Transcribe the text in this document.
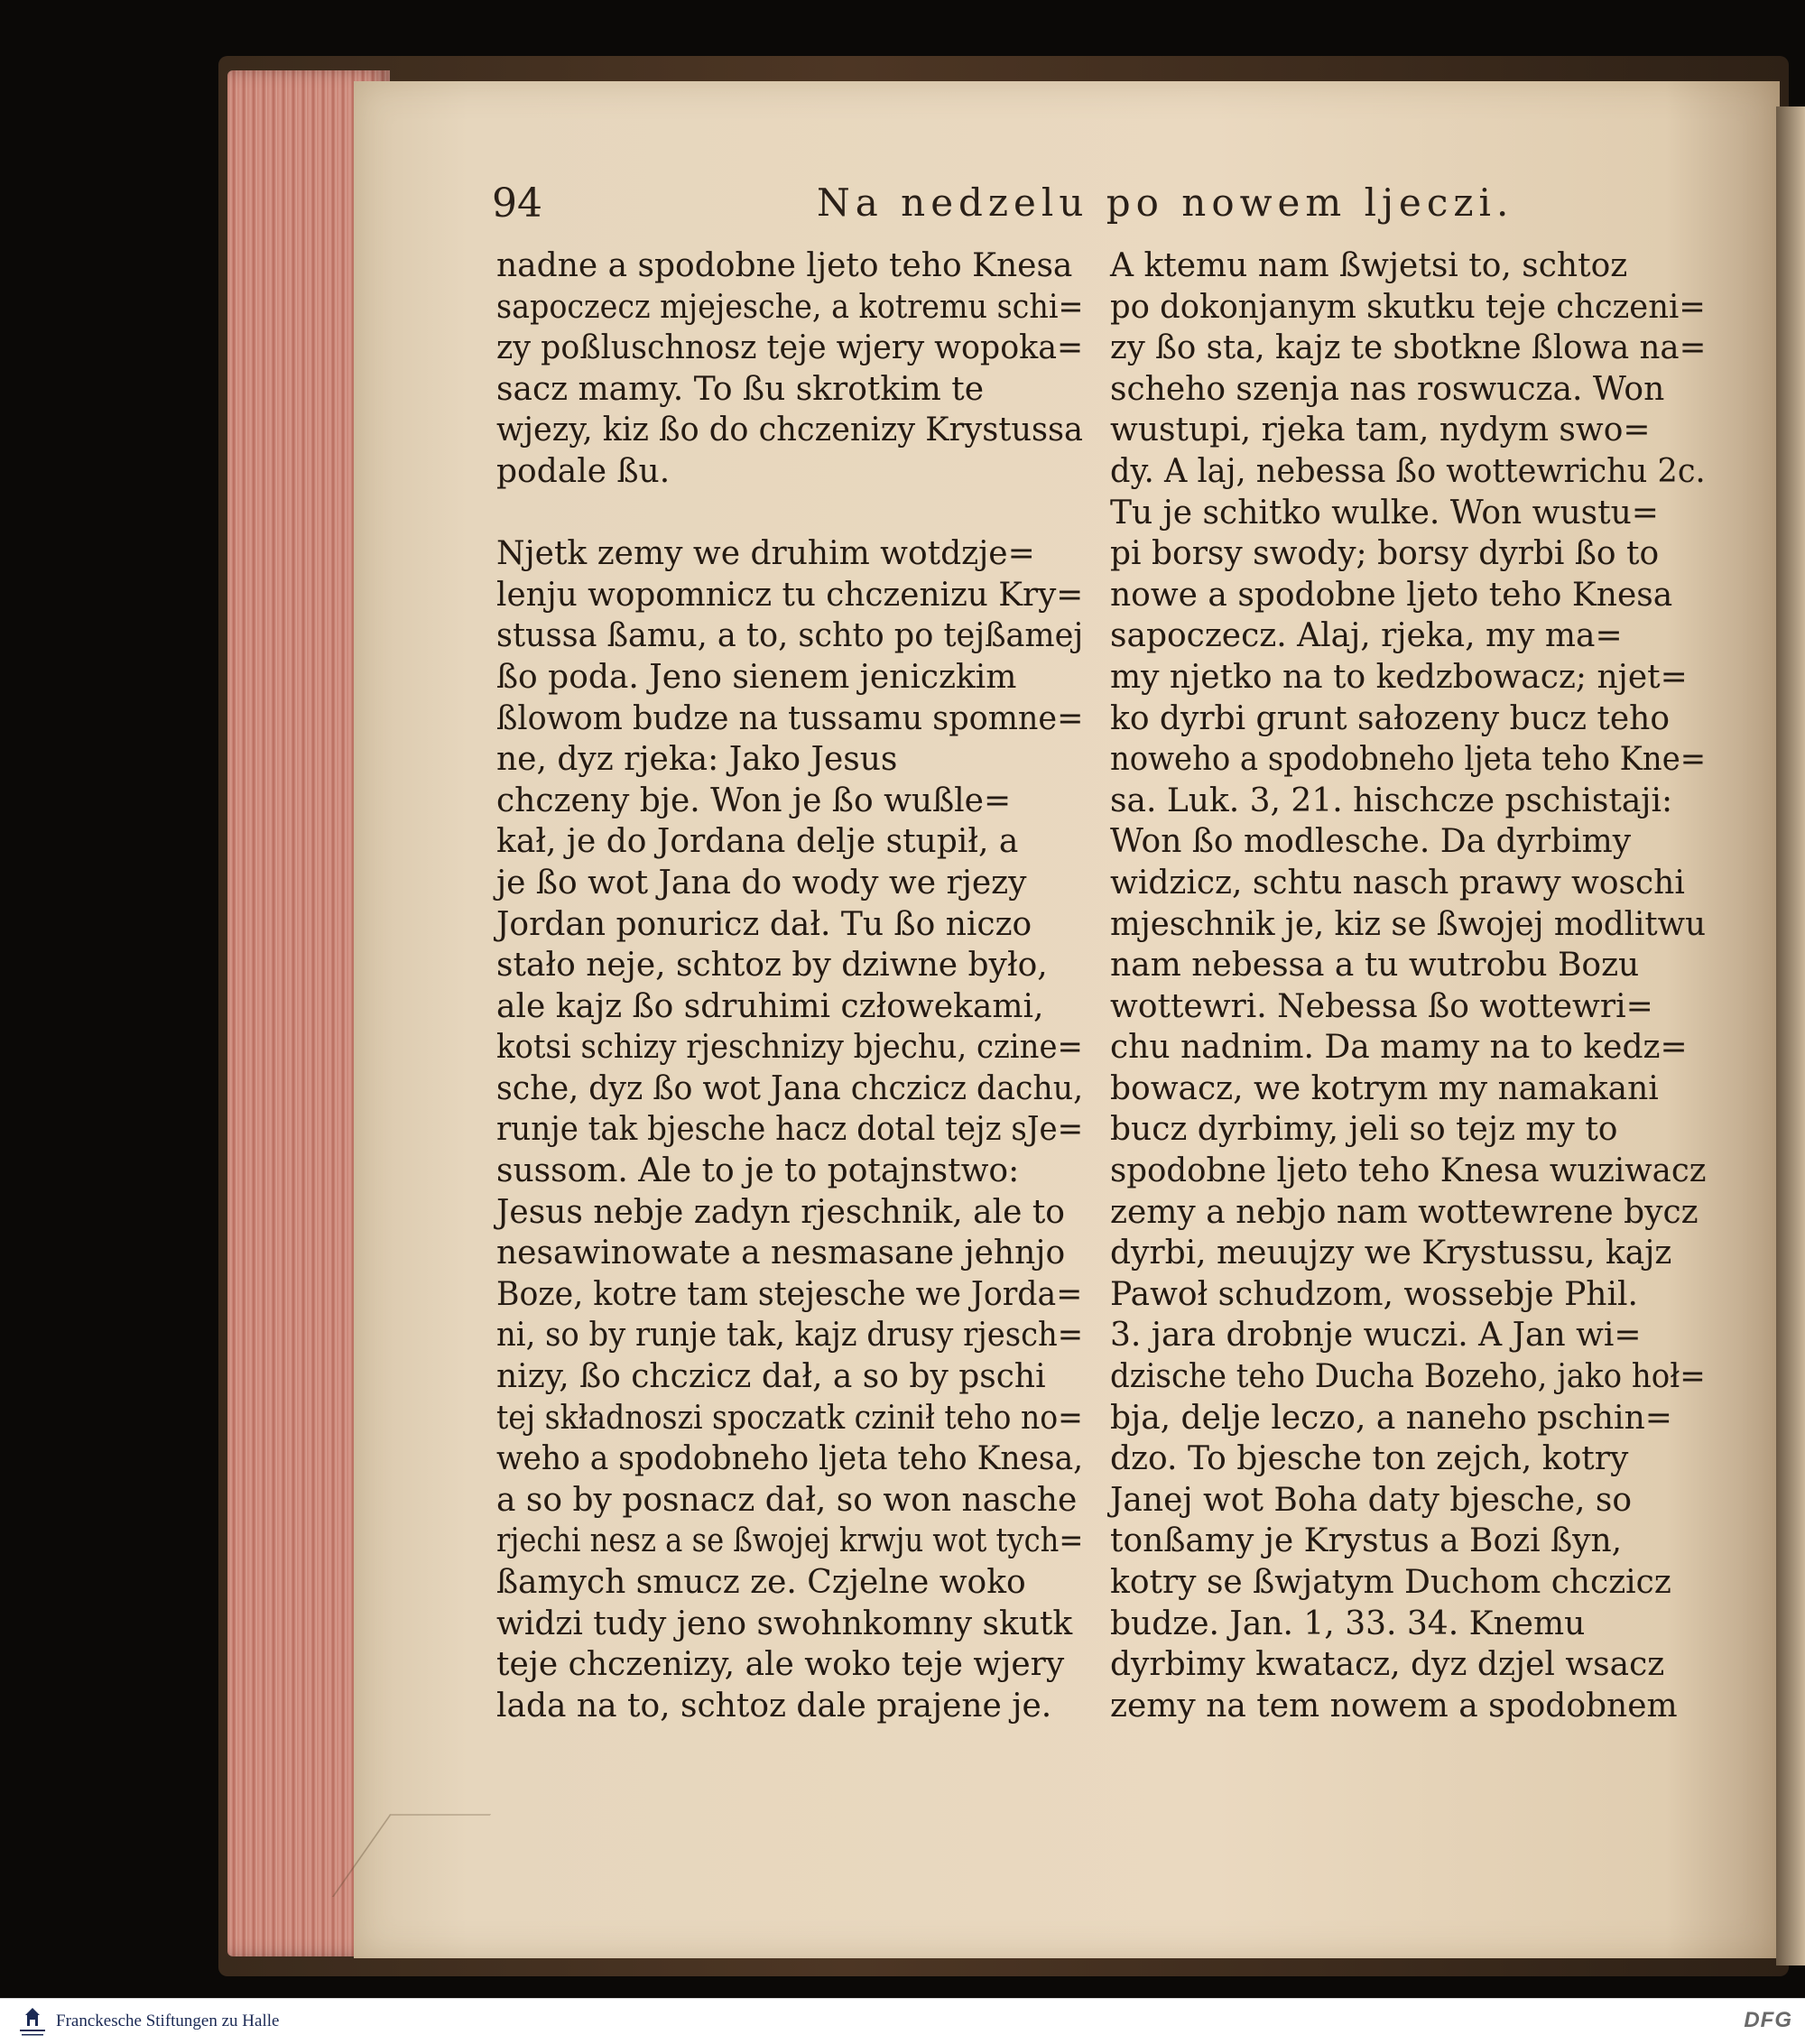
94	Na nedzelu po nowem ljeczi.
nadne a spodobne ljeto teho Knesa
sapoczecz mjejesche, a kotremu schi=
zy poßluschnosz teje wjery wopoka=
sacz mamy. To ßu skrotkim te
wjezy, kiz ßo do chczenizy Krystussa
podale ßu.
Njetk zemy we druhim wotdzje=
lenju wopomnicz tu chczenizu Kry=
stussa ßamu, a to, schto po tejßamej
ßo poda. Jeno sienem jeniczkim
ßlowom budze na tussamu spomne=
ne, dyz rjeka: Jako Jesus
chczeny bje. Won je ßo wußle=
kał, je do Jordana delje stupił, a
je ßo wot Jana do wody we rjezy
Jordan ponuricz dał. Tu ßo niczo
stało neje, schtoz by dziwne było,
ale kajz ßo sdruhimi człowekami,
kotsi schizy rjeschnizy bjechu, czine=
sche, dyz ßo wot Jana chczicz dachu,
runje tak bjesche hacz dotal tejz sJe=
sussom. Ale to je to potajnstwo:
Jesus nebje zadyn rjeschnik, ale to
nesawinowate a nesmasane jehnjo
Boze, kotre tam stejesche we Jorda=
ni, so by runje tak, kajz drusy rjesch=
nizy, ßo chczicz dał, a so by pschi
tej składnoszi spoczatk czinił teho no=
weho a spodobneho ljeta teho Knesa,
a so by posnacz dał, so won nasche
rjechi nesz a se ßwojej krwju wot tych=
ßamych smucz ze. Czjelne woko
widzi tudy jeno swohnkomny skutk
teje chczenizy, ale woko teje wjery
lada na to, schtoz dale prajene je.
A ktemu nam ßwjetsi to, schtoz
po dokonjanym skutku teje chczeni=
zy ßo sta, kajz te sbotkne ßlowa na=
scheho szenja nas roswucza. Won
wustupi, rjeka tam, nydym swo=
dy. A laj, nebessa ßo wottewrichu 2c.
Tu je schitko wulke. Won wustu=
pi borsy swody; borsy dyrbi ßo to
nowe a spodobne ljeto teho Knesa
sapoczecz. Alaj, rjeka, my ma=
my njetko na to kedzbowacz; njet=
ko dyrbi grunt sałozeny bucz teho
noweho a spodobneho ljeta teho Kne=
sa. Luk. 3, 21. hischcze pschistaji:
Won ßo modlesche. Da dyrbimy
widzicz, schtu nasch prawy woschi
mjeschnik je, kiz se ßwojej modlitwu
nam nebessa a tu wutrobu Bozu
wottewri. Nebessa ßo wottewri=
chu nadnim. Da mamy na to kedz=
bowacz, we kotrym my namakani
bucz dyrbimy, jeli so tejz my to
spodobne ljeto teho Knesa wuziwacz
zemy a nebjo nam wottewrene bycz
dyrbi, meuujzy we Krystussu, kajz
Pawoł schudzom, wossebje Phil.
3. jara drobnje wuczi. A Jan wi=
dzische teho Ducha Bozeho, jako hoł=
bja, delje leczo, a naneho pschin=
dzo. To bjesche ton zejch, kotry
Janej wot Boha daty bjesche, so
tonßamy je Krystus a Bozi ßyn,
kotry se ßwjatym Duchom chczicz
budze. Jan. 1, 33. 34. Knemu
dyrbimy kwatacz, dyz dzjel wsacz
zemy na tem nowem a spodobnem
Franckesche Stiftungen zu Halle	DFG
